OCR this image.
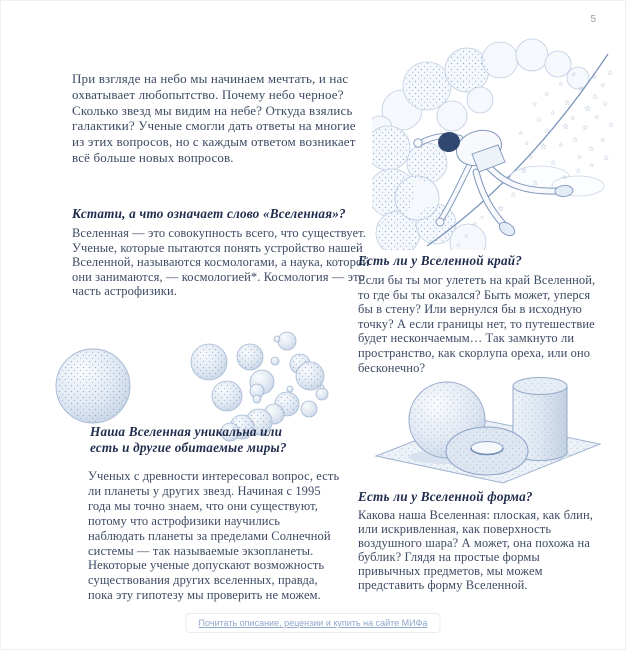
5
При взгляде на небо мы начинаем мечтать, и нас охватывает любопытство. Почему небо черное? Сколько звезд мы видим на небе? Откуда взялись галактики? Ученые смогли дать ответы на многие из этих вопросов, но с каждым ответом возникает всё больше новых вопросов.
☆
☆
☆
☆
☆
☆
☆
☆
☆
☆ ☆
☆
☆
☆
☆
☆
☆
☆
☆
☆
☆
☆
☆
☆
☆
☆
☆
☆
☆
☆
☆
☆
☆
☆
☆
☆
☆
☆
☆
☆
☆
☆
☆
Кстати, а что означает слово «Вселенная»?
Вселенная — это совокупность всего, что существует. Ученые, которые пытаются понять устройство нашей Вселенной, называются космологами, а наука, которой они занимаются, — космологией*. Космология — это часть астрофизики.
Есть ли у Вселенной край?
Если бы ты мог улететь на край Вселенной, то где бы ты оказался? Быть может, уперся бы в стену? Или вернулся бы в исходную точку? А если границы нет, то путешествие будет нескончаемым… Так замкнуто ли пространство, как скорлупа ореха, или оно бесконечно?
Наша Вселенная уникальна или есть и другие обитаемые миры?
Ученых с древности интересовал вопрос, есть ли планеты у других звезд. Начиная с 1995 года мы точно знаем, что они существуют, потому что астрофизики научились наблюдать планеты за пределами Солнечной системы — так называемые экзопланеты. Некоторые ученые допускают возможность существования других вселенных, правда, пока эту гипотезу мы проверить не можем.
Есть ли у Вселенной форма?
Какова наша Вселенная: плоская, как блин, или искривленная, как поверхность воздушного шара? А может, она похожа на бублик? Глядя на простые формы привычных предметов, мы можем представить форму Вселенной.
Почитать описание, рецензии и купить на сайте МИФа
